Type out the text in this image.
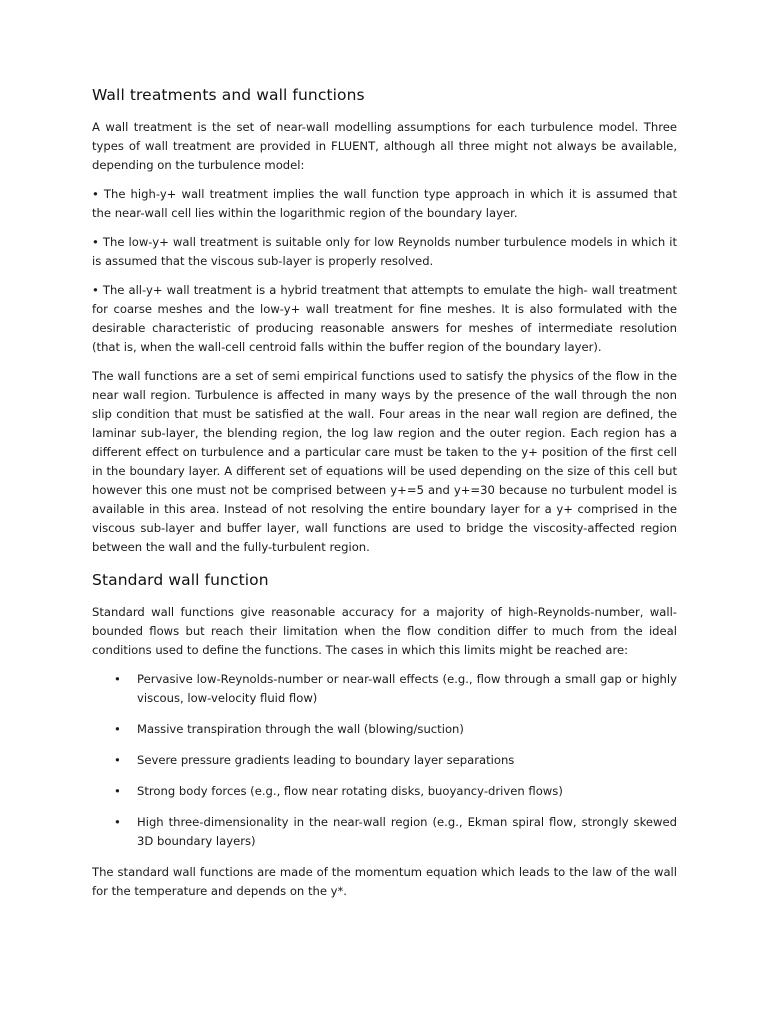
Wall treatments and wall functions

A wall treatment is the set of near-wall modelling assumptions for each turbulence model. Three types of wall treatment are provided in FLUENT, although all three might not always be available, depending on the turbulence model:

• The high-y+ wall treatment implies the wall function type approach in which it is assumed that the near-wall cell lies within the logarithmic region of the boundary layer.

• The low-y+ wall treatment is suitable only for low Reynolds number turbulence models in which it is assumed that the viscous sub-layer is properly resolved.

• The all-y+ wall treatment is a hybrid treatment that attempts to emulate the high- wall treatment for coarse meshes and the low-y+ wall treatment for fine meshes. It is also formulated with the desirable characteristic of producing reasonable answers for meshes of intermediate resolution (that is, when the wall-cell centroid falls within the buffer region of the boundary layer).

The wall functions are a set of semi empirical functions used to satisfy the physics of the flow in the near wall region. Turbulence is affected in many ways by the presence of the wall through the non slip condition that must be satisfied at the wall. Four areas in the near wall region are defined, the laminar sub-layer, the blending region, the log law region and the outer region. Each region has a different effect on turbulence and a particular care must be taken to the y+ position of the first cell in the boundary layer. A different set of equations will be used depending on the size of this cell but however this one must not be comprised between y+=5 and y+=30 because no turbulent model is available in this area. Instead of not resolving the entire boundary layer for a y+ comprised in the viscous sub-layer and buffer layer, wall functions are used to bridge the viscosity-affected region between the wall and the fully-turbulent region.

Standard wall function

Standard wall functions give reasonable accuracy for a majority of high-Reynolds-number, wall-bounded flows but reach their limitation when the flow condition differ to much from the ideal conditions used to define the functions. The cases in which this limits might be reached are:

• Pervasive low-Reynolds-number or near-wall effects (e.g., flow through a small gap or highly viscous, low-velocity fluid flow)
• Massive transpiration through the wall (blowing/suction)
• Severe pressure gradients leading to boundary layer separations
• Strong body forces (e.g., flow near rotating disks, buoyancy-driven flows)
• High three-dimensionality in the near-wall region (e.g., Ekman spiral flow, strongly skewed 3D boundary layers)

The standard wall functions are made of the momentum equation which leads to the law of the wall for the temperature and depends on the y*.
